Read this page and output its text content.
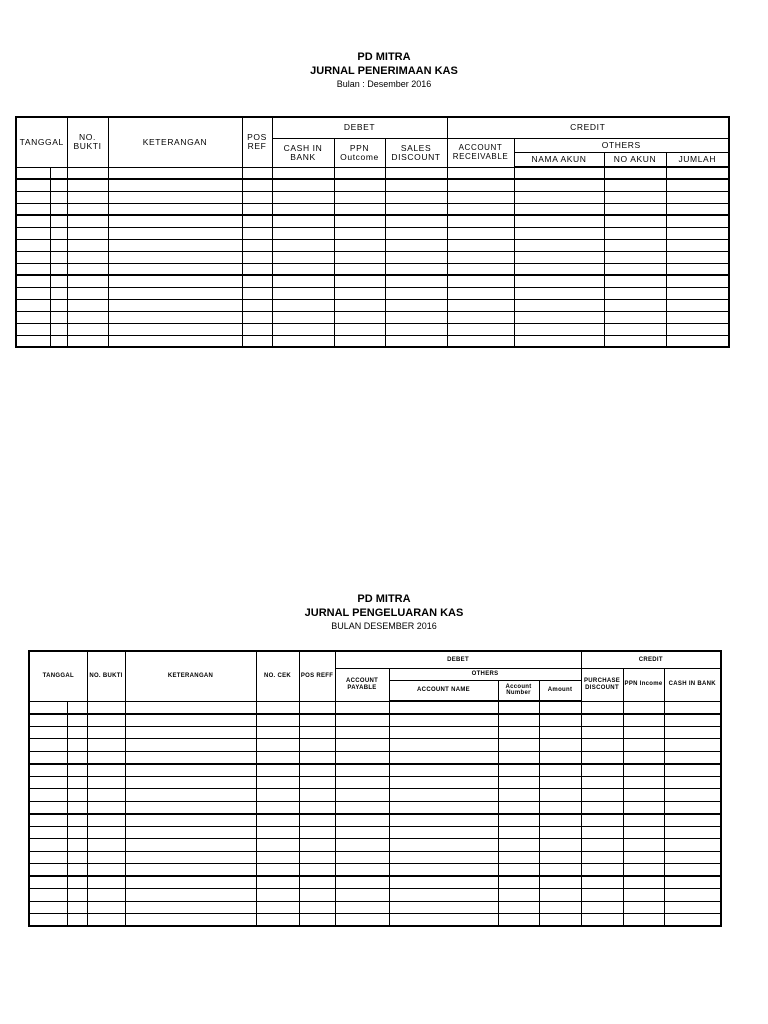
PD MITRA
JURNAL PENERIMAAN KAS
Bulan : Desember 2016
TANGGAL		NO. BUKTI	KETERANGAN	POS REF	DEBET			CREDIT			
					CASH IN BANK	PPN Outcome	SALES DISCOUNT	ACCOUNT RECEIVABLE	OTHERS		
									NAMA AKUN	NO AKUN	JUMLAH

PD MITRA
JURNAL PENGELUARAN KAS
BULAN DESEMBER 2016
TANGGAL		NO. BUKTI	KETERANGAN	NO. CEK	POS REFF	DEBET				CREDIT		
						ACCOUNT PAYABLE	OTHERS			PURCHASE DISCOUNT	PPN Income	CASH IN BANK
							ACCOUNT NAME	Account Number	Amount			
